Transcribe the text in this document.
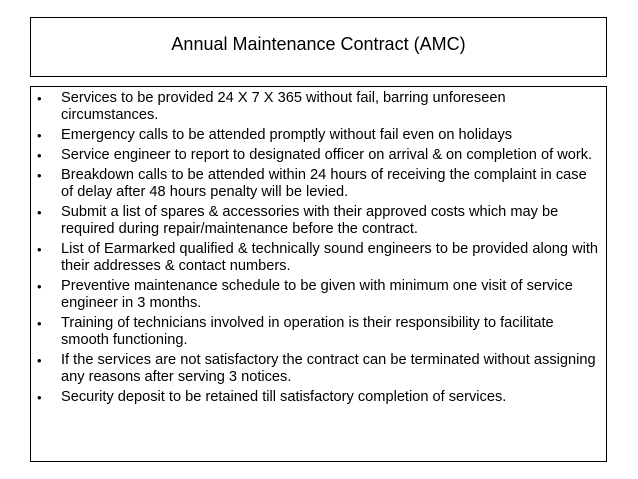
Annual Maintenance Contract (AMC)
•	Services to be provided 24 X 7 X 365 without fail, barring unforeseen circumstances.
•	Emergency calls to be attended promptly without fail even on holidays
•	Service engineer to report to designated officer on arrival & on completion of work.
•	Breakdown calls to be attended within 24 hours of receiving the complaint in case of delay after 48 hours penalty will be levied.
•	Submit a list of spares & accessories with their approved costs which may be required during repair/maintenance before the contract.
•	List of Earmarked qualified & technically sound engineers to be provided along with their addresses & contact numbers.
•	Preventive maintenance schedule to be given with minimum one visit of service engineer in 3 months.
•	Training of technicians involved in operation is their responsibility to facilitate smooth functioning.
•	If the services are not satisfactory the contract can be terminated without assigning any reasons after serving 3 notices.
•	Security deposit to be retained till satisfactory completion of services.
